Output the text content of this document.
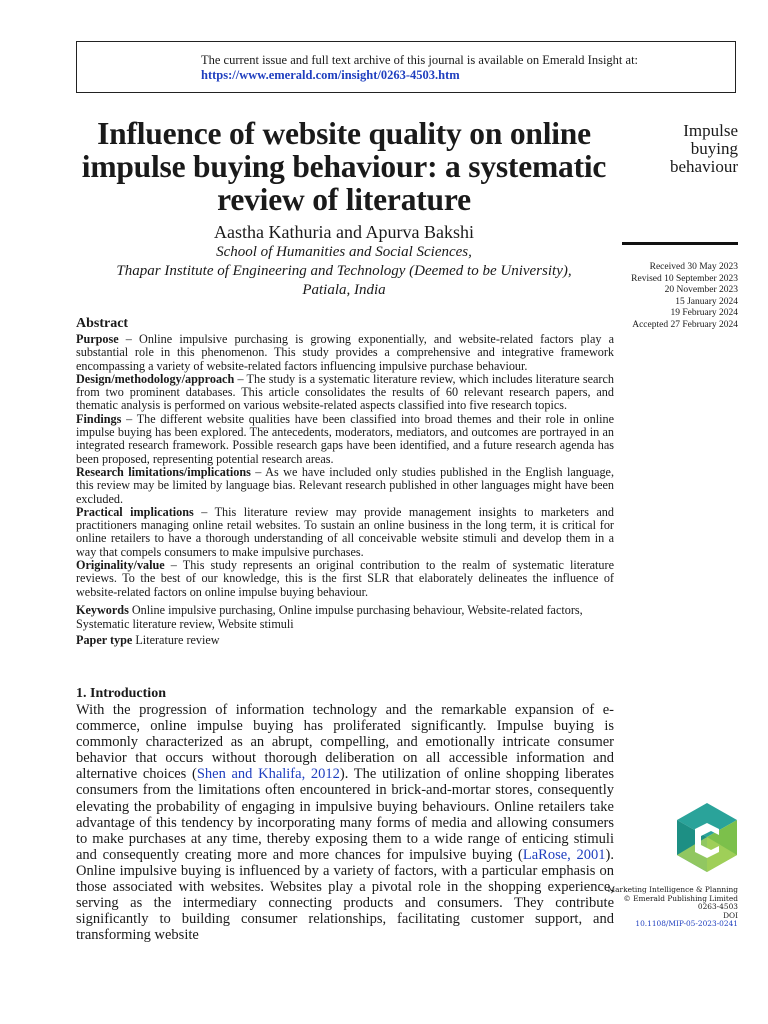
The current issue and full text archive of this journal is available on Emerald Insight at:
https://www.emerald.com/insight/0263-4503.htm
Influence of website quality on online impulse buying behaviour: a systematic review of literature
Aastha Kathuria and Apurva Bakshi
School of Humanities and Social Sciences,
Thapar Institute of Engineering and Technology (Deemed to be University),
Patiala, India
Impulse
buying
behaviour
Received 30 May 2023
Revised 10 September 2023
20 November 2023
15 January 2024
19 February 2024
Accepted 27 February 2024
Abstract

Purpose – Online impulsive purchasing is growing exponentially, and website-related factors play a substantial role in this phenomenon. This study provides a comprehensive and integrative framework encompassing a variety of website-related factors influencing impulsive purchase behaviour.

Design/methodology/approach – The study is a systematic literature review, which includes literature search from two prominent databases. This article consolidates the results of 60 relevant research papers, and thematic analysis is performed on various website-related aspects classified into five research topics.

Findings – The different website qualities have been classified into broad themes and their role in online impulse buying has been explored. The antecedents, moderators, mediators, and outcomes are portrayed in an integrated research framework. Possible research gaps have been identified, and a future research agenda has been proposed, representing potential research areas.

Research limitations/implications – As we have included only studies published in the English language, this review may be limited by language bias. Relevant research published in other languages might have been excluded.

Practical implications – This literature review may provide management insights to marketers and practitioners managing online retail websites. To sustain an online business in the long term, it is critical for online retailers to have a thorough understanding of all conceivable website stimuli and develop them in a way that compels consumers to make impulsive purchases.

Originality/value – This study represents an original contribution to the realm of systematic literature reviews. To the best of our knowledge, this is the first SLR that elaborately delineates the influence of website-related factors on online impulse buying behaviour.

Keywords Online impulsive purchasing, Online impulse purchasing behaviour, Website-related factors, Systematic literature review, Website stimuli

Paper type Literature review

1. Introduction

With the progression of information technology and the remarkable expansion of e-commerce, online impulse buying has proliferated significantly. Impulse buying is commonly characterized as an abrupt, compelling, and emotionally intricate consumer behavior that occurs without thorough deliberation on all accessible information and alternative choices (Shen and Khalifa, 2012). The utilization of online shopping liberates consumers from the limitations often encountered in brick-and-mortar stores, consequently elevating the probability of engaging in impulsive buying behaviours. Online retailers take advantage of this tendency by incorporating many forms of media and allowing consumers to make purchases at any time, thereby exposing them to a wide range of enticing stimuli and consequently creating more and more chances for impulsive buying (LaRose, 2001). Online impulsive buying is influenced by a variety of factors, with a particular emphasis on those associated with websites. Websites play a pivotal role in the shopping experience, serving as the intermediary connecting products and consumers. They contribute significantly to building consumer relationships, facilitating customer support, and transforming website

Marketing Intelligence & Planning
© Emerald Publishing Limited
0263-4503
DOI
10.1108/MIP-05-2023-0241
